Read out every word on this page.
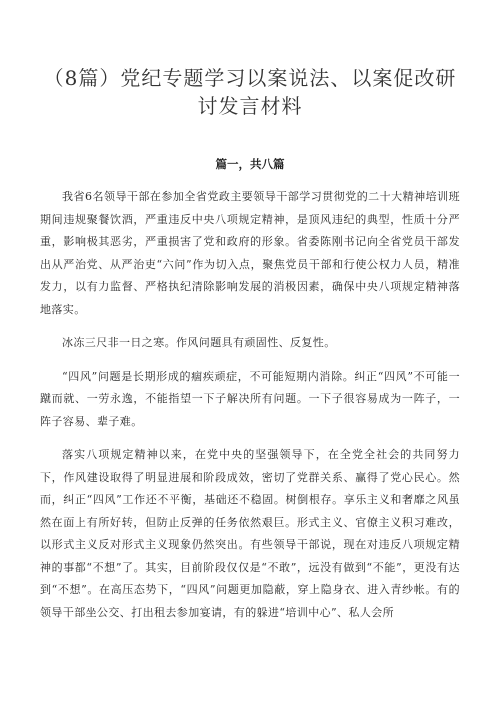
（8篇）党纪专题学习以案说法、以案促改研讨发言材料
篇一，共八篇

我省6名领导干部在参加全省党政主要领导干部学习贯彻党的二十大精神培训班期间违规聚餐饮酒，严重违反中央八项规定精神，是顶风违纪的典型，性质十分严重，影响极其恶劣，严重损害了党和政府的形象。省委陈刚书记向全省党员干部发出从严治党、从严治吏“六问”作为切入点，聚焦党员干部和行使公权力人员，精准发力，以有力监督、严格执纪清除影响发展的消极因素，确保中央八项规定精神落地落实。

冰冻三尺非一日之寒。作风问题具有顽固性、反复性。

“四风”问题是长期形成的痼疾顽症，不可能短期内消除。纠正“四风”不可能一蹴而就、一劳永逸，不能指望一下子解决所有问题。一下子很容易成为一阵子，一阵子容易、辈子难。

落实八项规定精神以来，在党中央的坚强领导下，在全党全社会的共同努力下，作风建设取得了明显进展和阶段成效，密切了党群关系、赢得了党心民心。然而，纠正“四风”工作还不平衡，基础还不稳固。树倒根存。享乐主义和奢靡之风虽然在面上有所好转，但防止反弹的任务依然艰巨。形式主义、官僚主义积习难改，以形式主义反对形式主义现象仍然突出。有些领导干部说，现在对违反八项规定精神的事都“不想”了。其实，目前阶段仅仅是“不敢”，远没有做到“不能”，更没有达到“不想”。在高压态势下，“四风”问题更加隐蔽，穿上隐身衣、进入青纱帐。有的领导干部坐公交、打出租去参加宴请，有的躲进“培训中心”、私人会所
